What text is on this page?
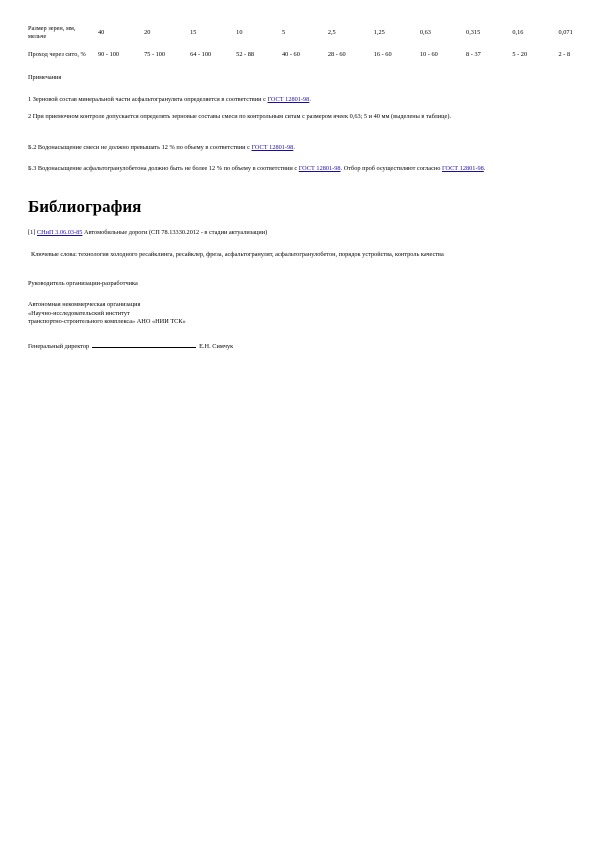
Размер зерен, мм, мельче	40	20	15	10	5	2,5	1,25	0,63	0,315	0,16	0,071
Проход через сито, %	90 - 100	75 - 100	64 - 100	52 - 88	40 - 60	28 - 60	16 - 60	10 - 60	8 - 37	5 - 20	2 - 8
Примечания
1 Зерновой состав минеральной части асфальтогранулята определяется в соответствии с ГОСТ 12801-98.
2 При приемочном контроле допускается определять зерновые составы смеси по контрольным ситам с размером ячеек 0,63; 5 и 40 мм (выделены в таблице).
Б.2 Водонасыщение смеси не должно превышать 12 % по объему в соответствии с ГОСТ 12801-98.
Б.3 Водонасыщение асфальтогранулобетона должно быть не более 12 % по объему в соответствии с ГОСТ 12801-98. Отбор проб осуществляют согласно ГОСТ 12801-98.
Библиография
[1] СНиП 3.06.03-85 Автомобильные дороги (СП 78.13330.2012 - в стадии актуализации)
Ключевые слова: технология холодного ресайклинга, ресайклер, фреза, асфальтогранулят, асфальтогранулобетон, порядок устройства, контроль качества
Руководитель организации-разработчика
Автономная некоммерческая организация
«Научно-исследовательский институт
транспортно-строительного комплекса» АНО «НИИ ТСК»
Генеральный директор	Е.Н. Симчук
